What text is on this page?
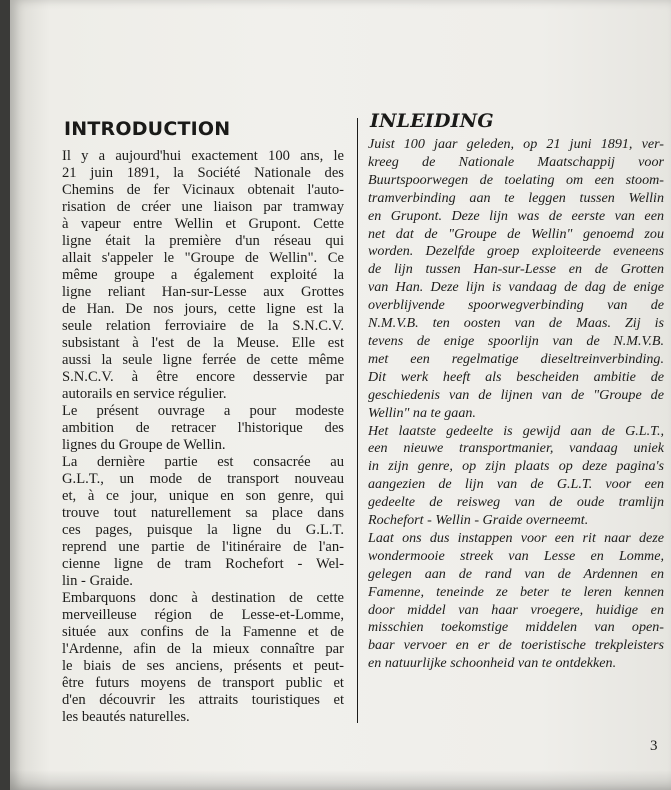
INTRODUCTION
Il y a aujourd'hui exactement 100 ans, le
21 juin 1891, la Société Nationale des
Chemins de fer Vicinaux obtenait l'auto-
risation de créer une liaison par tramway
à vapeur entre Wellin et Grupont. Cette
ligne était la première d'un réseau qui
allait s'appeler le "Groupe de Wellin". Ce
même groupe a également exploité la
ligne reliant Han-sur-Lesse aux Grottes
de Han. De nos jours, cette ligne est la
seule relation ferroviaire de la S.N.C.V.
subsistant à l'est de la Meuse. Elle est
aussi la seule ligne ferrée de cette même
S.N.C.V. à être encore desservie par
autorails en service régulier.
Le présent ouvrage a pour modeste
ambition de retracer l'historique des
lignes du Groupe de Wellin.
La dernière partie est consacrée au
G.L.T., un mode de transport nouveau
et, à ce jour, unique en son genre, qui
trouve tout naturellement sa place dans
ces pages, puisque la ligne du G.L.T.
reprend une partie de l'itinéraire de l'an-
cienne ligne de tram Rochefort - Wel-
lin - Graide.
Embarquons donc à destination de cette
merveilleuse région de Lesse-et-Lomme,
située aux confins de la Famenne et de
l'Ardenne, afin de la mieux connaître par
le biais de ses anciens, présents et peut-
être futurs moyens de transport public et
d'en découvrir les attraits touristiques et
les beautés naturelles.
INLEIDING
Juist 100 jaar geleden, op 21 juni 1891, ver-
kreeg de Nationale Maatschappij voor
Buurtspoorwegen de toelating om een stoom-
tramverbinding aan te leggen tussen Wellin
en Grupont. Deze lijn was de eerste van een
net dat de "Groupe de Wellin" genoemd zou
worden. Dezelfde groep exploiteerde eveneens
de lijn tussen Han-sur-Lesse en de Grotten
van Han. Deze lijn is vandaag de dag de enige
overblijvende spoorwegverbinding van de
N.M.V.B. ten oosten van de Maas. Zij is
tevens de enige spoorlijn van de N.M.V.B.
met een regelmatige dieseltreinverbinding.
Dit werk heeft als bescheiden ambitie de
geschiedenis van de lijnen van de "Groupe de
Wellin" na te gaan.
Het laatste gedeelte is gewijd aan de G.L.T.,
een nieuwe transportmanier, vandaag uniek
in zijn genre, op zijn plaats op deze pagina's
aangezien de lijn van de G.L.T. voor een
gedeelte de reisweg van de oude tramlijn
Rochefort - Wellin - Graide overneemt.
Laat ons dus instappen voor een rit naar deze
wondermooie streek van Lesse en Lomme,
gelegen aan de rand van de Ardennen en
Famenne, teneinde ze beter te leren kennen
door middel van haar vroegere, huidige en
misschien toekomstige middelen van open-
baar vervoer en er de toeristische trekpleisters
en natuurlijke schoonheid van te ontdekken.
3
